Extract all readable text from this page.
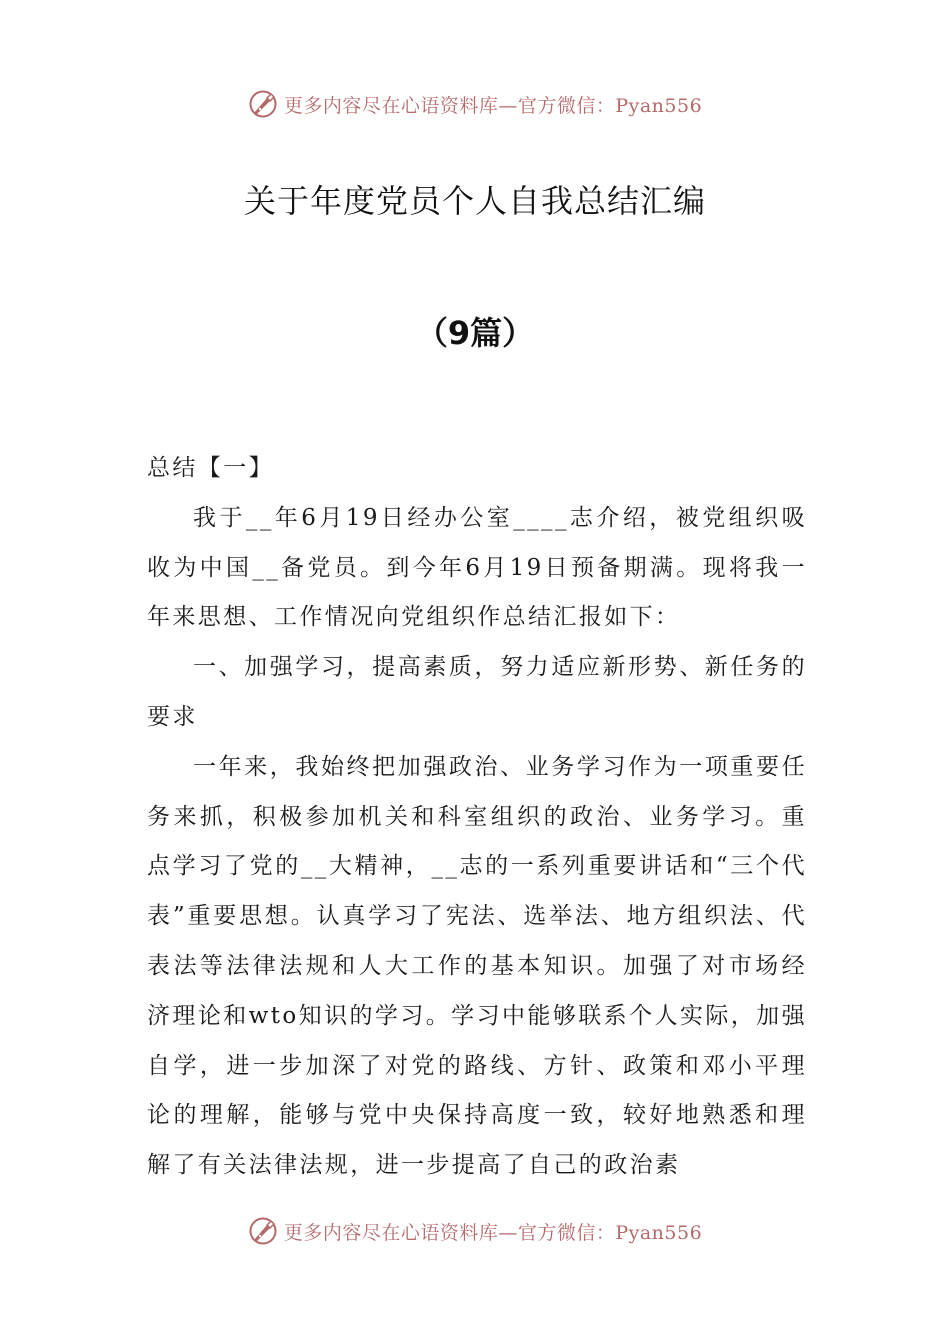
更多内容尽在心语资料库—官方微信：Pyan556
关于年度党员个人自我总结汇编
（9篇）
总结【一】

我于__年6月19日经办公室____志介绍，被党组织吸收为中国__备党员。到今年6月19日预备期满。现将我一年来思想、工作情况向党组织作总结汇报如下：

一、加强学习，提高素质，努力适应新形势、新任务的要求

一年来，我始终把加强政治、业务学习作为一项重要任务来抓，积极参加机关和科室组织的政治、业务学习。重点学习了党的__大精神，__志的一系列重要讲话和“三个代表”重要思想。认真学习了宪法、选举法、地方组织法、代表法等法律法规和人大工作的基本知识。加强了对市场经济理论和wto知识的学习。学习中能够联系个人实际，加强自学，进一步加深了对党的路线、方针、政策和邓小平理论的理解，能够与党中央保持高度一致，较好地熟悉和理解了有关法律法规，进一步提高了自己的政治素

更多内容尽在心语资料库—官方微信：Pyan556
